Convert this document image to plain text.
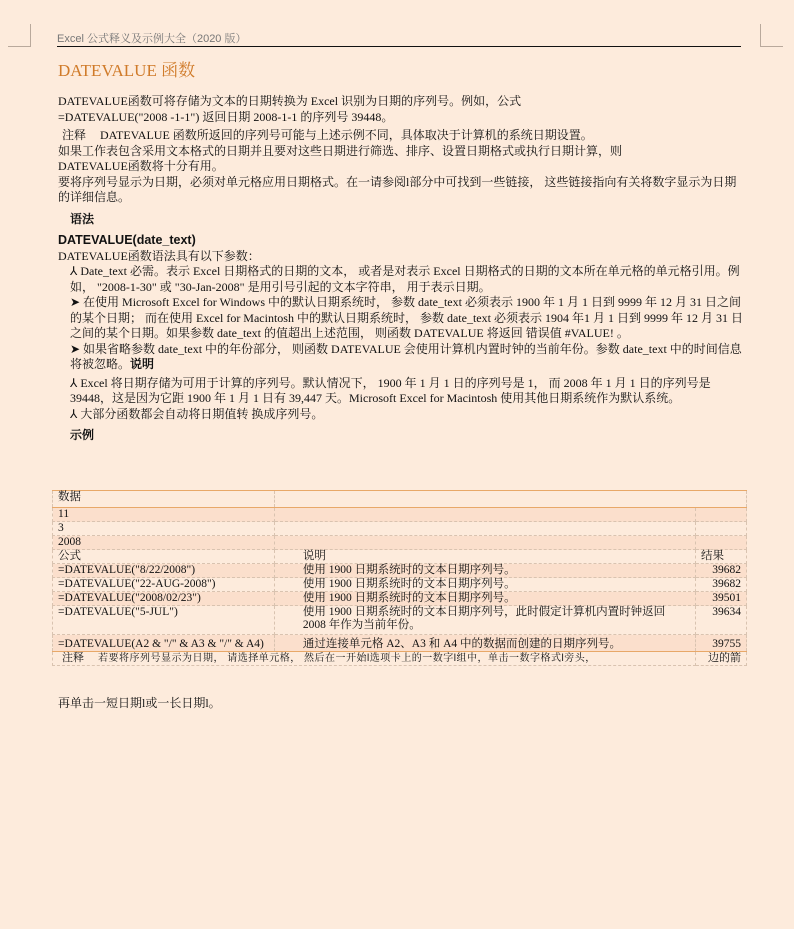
Excel 公式释义及示例大全（2020 版）
DATEVALUE 函数

DATEVALUE函数可将存储为文本的日期转换为 Excel 识别为日期的序列号。例如，公式

=DATEVALUE("2008 -1-1") 返回日期 2008-1-1 的序列号 39448。

注释 DATEVALUE 函数所返回的序列号可能与上述示例不同，具体取决于计算机的系统日期设置。

如果工作表包含采用文本格式的日期并且要对这些日期进行筛选、排序、设置日期格式或执行日期计算，则

DATEVALUE函数将十分有用。

要将序列号显示为日期，必须对单元格应用日期格式。在一请参阅l部分中可找到一些链接， 这些链接指向有关将数字显示为日期的详细信息。

语法

DATEVALUE(date_text)

DATEVALUE函数语法具有以下参数：

⅄ Date_text 必需。表示 Excel 日期格式的日期的文本， 或者是对表示 Excel 日期格式的日期的文本所在单元格的单元格引用。例如， "2008-1-30" 或 "30-Jan-2008" 是用引号引起的文本字符串， 用于表示日期。

➤ 在使用 Microsoft Excel for Windows 中的默认日期系统时， 参数 date_text 必须表示 1900 年 1 月 1 日到 9999 年 12 月 31 日之间的某个日期； 而在使用 Excel for Macintosh 中的默认日期系统时， 参数 date_text 必须表示 1904 年1 月 1 日到 9999 年 12 月 31 日之间的某个日期。如果参数 date_text 的值超出上述范围， 则函数 DATEVALUE 将返回 错误值 #VALUE! 。

➤ 如果省略参数 date_text 中的年份部分， 则函数 DATEVALUE 会使用计算机内置时钟的当前年份。参数 date_text 中的时间信息将被忽略。说明

⅄ Excel 将日期存储为可用于计算的序列号。默认情况下， 1900 年 1 月 1 日的序列号是 1， 而 2008 年 1 月 1 日的序列号是 39448，这是因为它距 1900 年 1 月 1 日有 39,447 天。Microsoft Excel for Macintosh 使用其他日期系统作为默认系统。

⅄ 大部分函数都会自动将日期值转 换成序列号。

示例

数据		
11		
3		
2008		
公式	说明	结果
=DATEVALUE("8/22/2008")	使用 1900 日期系统时的文本日期序列号。	39682
=DATEVALUE("22-AUG-2008")	使用 1900 日期系统时的文本日期序列号。	39682
=DATEVALUE("2008/02/23")	使用 1900 日期系统时的文本日期序列号。	39501
=DATEVALUE("5-JUL")	使用 1900 日期系统时的文本日期序列号，此时假定计算机内置时钟返回 2008 年作为当前年份。	39634
=DATEVALUE(A2 & "/" & A3 & "/" & A4)	通过连接单元格 A2、A3 和 A4 中的数据而创建的日期序列号。	39755
注释 若要将序列号显示为日期， 请选择单元格， 然后在一开始l选项卡上的一数字l组中，单击一数字格式l旁头，		边的箭
再单击一短日期l或一长日期l。
